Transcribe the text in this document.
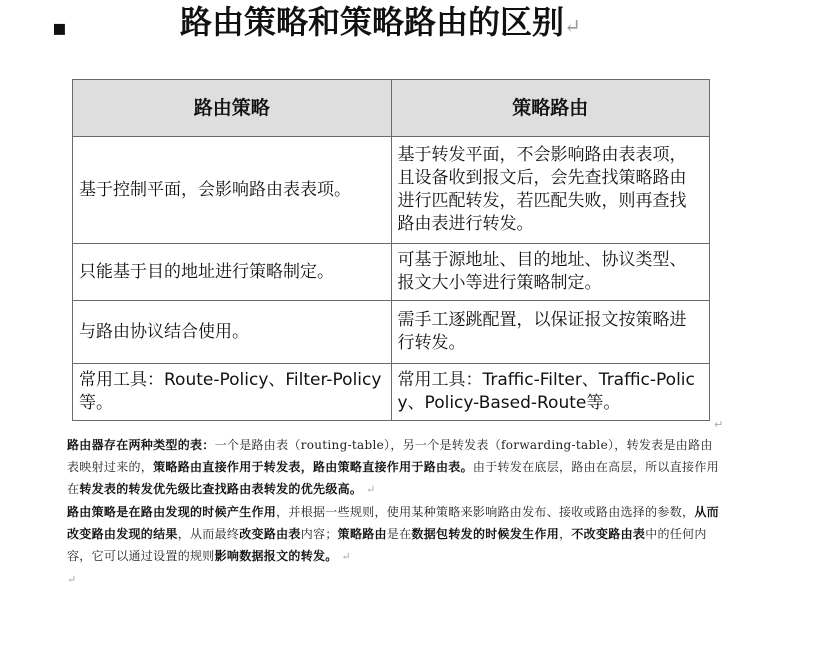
▪	路由策略和策略路由的区别↵
路由策略	策略路由
基于控制平面，会影响路由表表项。	基于转发平面，不会影响路由表表项，且设备收到报文后，会先查找策略路由进行匹配转发，若匹配失败，则再查找路由表进行转发。
只能基于目的地址进行策略制定。	可基于源地址、目的地址、协议类型、报文大小等进行策略制定。
与路由协议结合使用。	需手工逐跳配置，以保证报文按策略进行转发。
常用工具：Route-Policy、Filter-Policy等。	常用工具：Traffic-Filter、Traffic-Policy、Policy-Based-Route等。
↵

路由器存在两种类型的表：一个是路由表（routing-table），另一个是转发表（forwarding-table），转发表是由路由表映射过来的，策略路由直接作用于转发表，路由策略直接作用于路由表。由于转发在底层，路由在高层，所以直接作用在转发表的转发优先级比查找路由表转发的优先级高。 ↵

路由策略是在路由发现的时候产生作用，并根据一些规则，使用某种策略来影响路由发布、接收或路由选择的参数，从而改变路由发现的结果，从而最终改变路由表内容；策略路由是在数据包转发的时候发生作用，不改变路由表中的任何内容，它可以通过设置的规则影响数据报文的转发。 ↵

↵
